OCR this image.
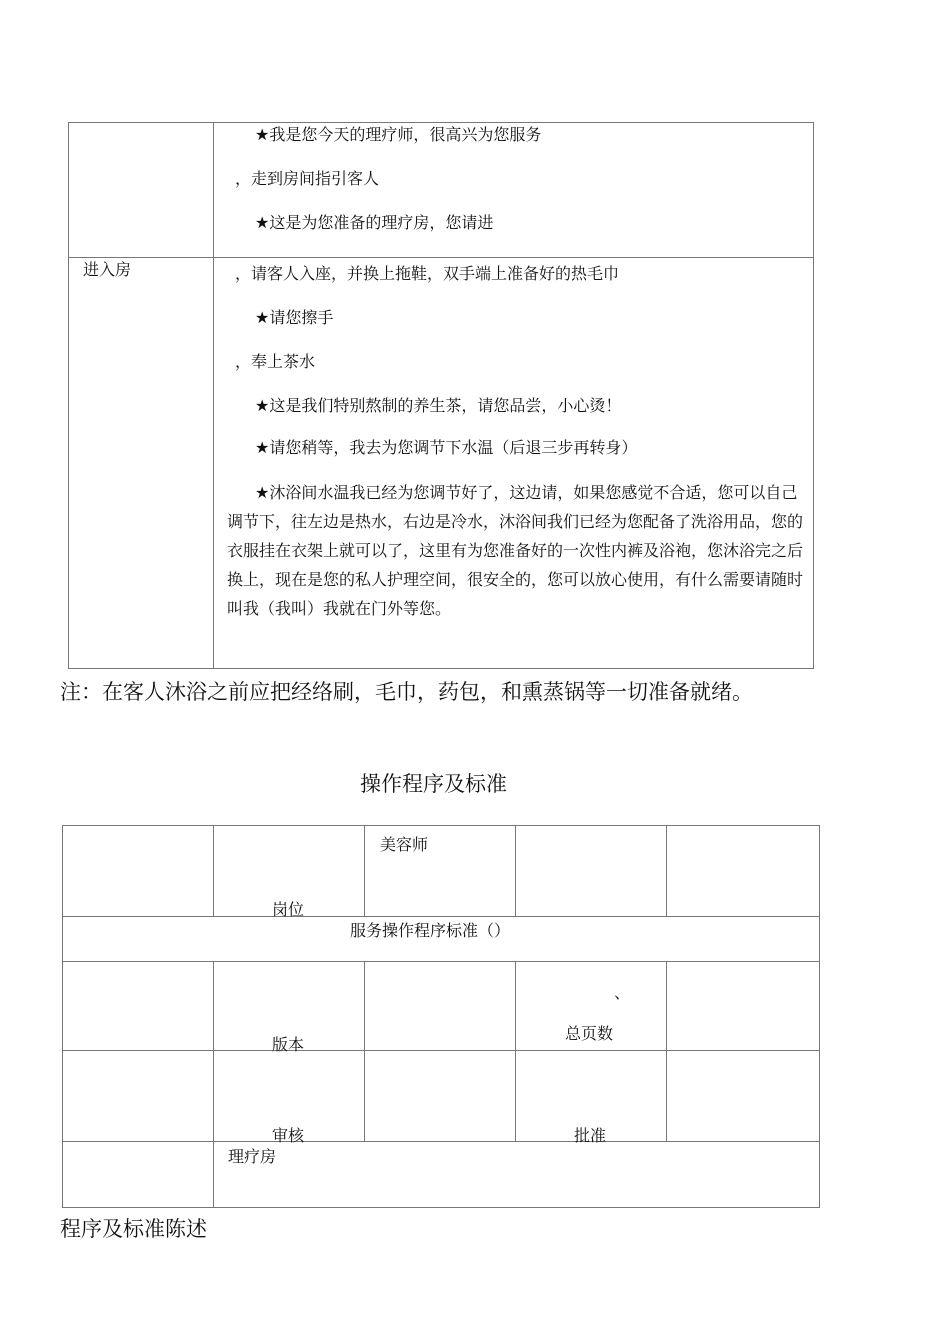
★我是您今天的理疗师，很高兴为您服务
，走到房间指引客人
★这是为您准备的理疗房，您请进
进入房	，请客人入座，并换上拖鞋，双手端上准备好的热毛巾
★请您擦手
，奉上茶水
★这是我们特别熬制的养生茶，请您品尝，小心烫！
★请您稍等，我去为您调节下水温（后退三步再转身）
★沐浴间水温我已经为您调节好了，这边请，如果您感觉不合适，您可以自己调节下，往左边是热水，右边是冷水，沐浴间我们已经为您配备了洗浴用品，您的衣服挂在衣架上就可以了，这里有为您准备好的一次性内裤及浴袍，您沐浴完之后换上，现在是您的私人护理空间，很安全的，您可以放心使用，有什么需要请随时叫我（我叫）我就在门外等您。
注：在客人沐浴之前应把经络刷，毛巾，药包，和熏蒸锅等一切准备就绪。
操作程序及标准
岗位
美容师
服务操作程序标准（）
版本
、
总页数
审核	批准
理疗房
程序及标准陈述
